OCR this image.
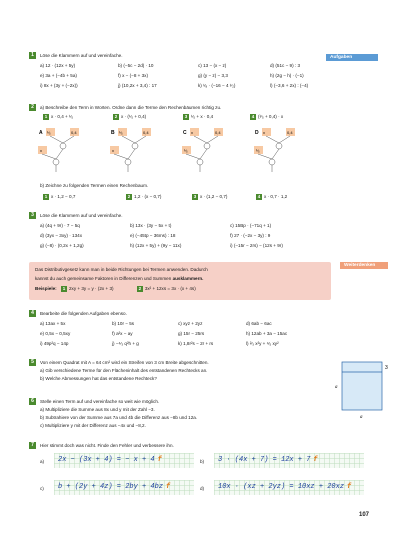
Aufgaben
Weiterdenken
1	Löse die Klammern auf und vereinfache.
2	a) Beschreibe den Term in Worten. Ordne dann die Terme den Rechenbäumen richtig zu.
A ¹⁄₅	0,4
x
B ¹⁄₅	0,4
x
C x	0,4
¹⁄₅
D x	0,4
¹⁄₅
b) Zeichne zu folgenden Termen einen Rechenbaum.
3	Löse die Klammern auf und vereinfache.
Das Distributivgesetz kann man in beide Richtungen bei Termen anwenden. Dadurch
kannst du auch gemeinsame Faktoren in Differenzen und Summen ausklammern.
Beispiele: 1 2xy + 3y = y · (2x + 3)	2 3x² + 12xs = 3x · (x + 4s)
4	Bearbeite die folgenden Aufgaben ebenso.
5	Von einem Quadrat mit A = 64 cm² wird ein Streifen von 3 cm Breite abgeschnitten.
a) Gib verschiedene Terme für den Flächeninhalt des entstandenen Rechtecks an.
b) Welche Abmessungen hat das entstandene Rechteck?
a
3
a
6	Stelle einen Term auf und vereinfache so weit wie möglich.
a) Multipliziere die Summe aus 8x und y mit der Zahl −3.
b) Subtrahiere von der Summe aus 7a und 4b die Differenz aus −8b und 12a.
c) Multipliziere y mit der Differenz aus −4x und −8,2.
7	Hier stimmt doch was nicht. Finde den Fehler und verbessere ihn.
107
a) 12 · (12x + 5y)	b) (−5c − 2d) · 10	c) 13 − (x − z)	d) (51c − 9) : 3
e) 3a + (−4b + 5a)	f) x − (−8 + 3x)	g) (y − z) − 3,3	h) (2g − h) · (−1)
i) 8x + (3y + (−2x))	j) (10,2x + 3,4) : 17	k) ¹⁄₈ · (−16 − 4 ¹⁄₂)	l) (−3,6 + 2x) : (−4)
1 x · 0,4 + ¹⁄₅	2 x · (¹⁄₅ + 0,4)	3 ¹⁄₅ + x · 0,4	4 (¹⁄₅ + 0,4) · x
1 x · 1,2 − 0,7	2 1,2 · (x − 0,7)	3 x · (1,2 − 0,7)	4 x · 0,7 · 1,2
a) (4q + 9r) · 7 − 5q	b) 13x · (3y − 5x + t)	c) 15Bp · (−71q + 1)
d) (3yx − 3xy) · 134x	e) (−45tp − 36ms) : 18	f) 27 · (−2x − 3y) : 9
g) (−8) · (0,2x + 1,2g)	h) (12x + 5y) + (9y − 11x)	i) (−15r − 2rs) − (12s + 9r)
a) 13ax + 5x	b) 10r − 5s	c) xyz + 2yz	d) 6ab − 6ac
e) 0,5x − 0,5xy	f) a²x − ay	g) 15r − 25rs	h) 12ab + 3a − 15ac
i) 49p²q − 14p	j) −⁴⁄₃ q²h + g	k) 1,8r²s − 2r + rs	l) ²⁄₃ x²y + ⁴⁄₅ xy²
a) 2x − (3x + 4) = − x + 4 f	b) 3 · (4x + 7) = 12x + 7 f
c) b + (2y + 4z) = 2by + 4bz f	d) 10x · (xz + 2yz) = 10xz + 20xz f
